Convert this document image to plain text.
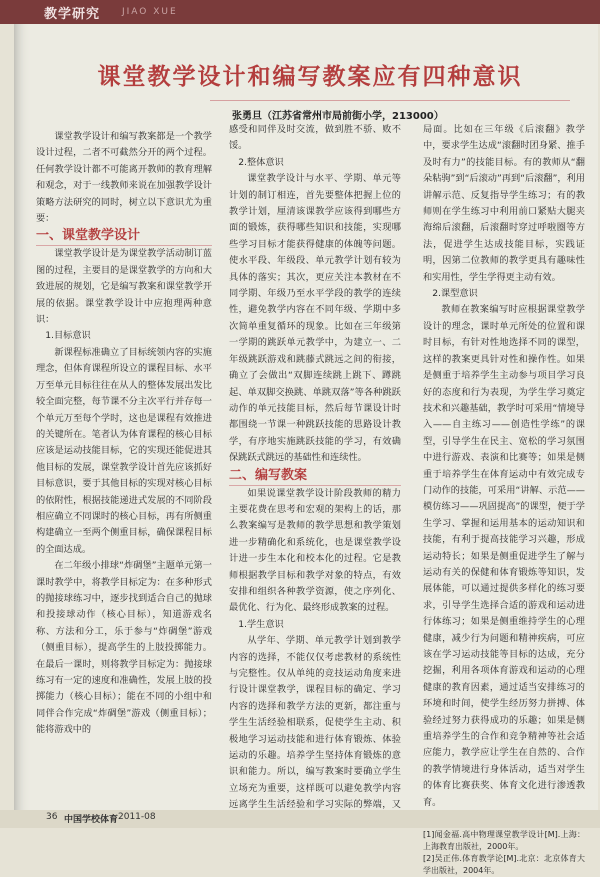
教学研究 JIAO XUE
课堂教学设计和编写教案应有四种意识
张勇旦（江苏省常州市局前街小学，213000）

课堂教学设计和编写教案都是一个教学设计过程，二者不可截然分开的两个过程。任何教学设计都不可能离开教师的教育理解和观念，对于一线教师来说在加强教学设计策略方法研究的同时，树立以下意识尤为重要：

一、课堂教学设计

课堂教学设计是为课堂教学活动制订蓝图的过程，主要目的是课堂教学的方向和大致进展的规划，它是编写教案和课堂教学开展的依据。课堂教学设计中应抱理两种意识：

1.目标意识

新课程标准确立了目标统领内容的实施理念，但体育课程所设立的课程目标、水平万至单元目标往往在从人的整体发展出发比较全面完整，每节课不分主次平行并存每一个单元万至每个学时，这也是课程有效推进的关键所在。笔者认为体育课程的核心目标应该是运动技能目标，它的实现还能促进其他目标的发展，课堂教学设计首先应该抓好目标意识，要于其他目标的实现对核心目标的依附性，根据技能递进式发展的不同阶段相应确立不同课时的核心目标，再有所侧重构建确立一至两个侧重目标，确保课程目标的全面达成。

在二年级小排球“炸碉堡”主题单元第一课时教学中，将教学目标定为：在多种形式的抛接球练习中，逐步找到适合自己的抛球和投接球动作（核心目标），知道游戏名称、方法和分工，乐于参与“炸碉堡”游戏（侧重目标），提高学生的上肢投掷能力。在最后一课时，则将教学目标定为：抛接球练习有一定的速度和准确性，发展上肢的投掷能力（核心目标）；能在不同的小组中和同伴合作完成“炸碉堡”游戏（侧重目标）；能将游戏中的

感受和同伴及时交流，做到胜不骄、败不馁。

2.整体意识

课堂教学设计与水平、学期、单元等计划的制订相连，首先要整体把握上位的教学计划，厘清该课教学应该得到哪些方面的锻炼，获得哪些知识和技能，实现哪些学习目标才能获得健康的体魄等问题。使水平段、年级段、单元教学计划有较为具体的落实；其次，更应关注本教材在不同学期、年级乃至水平学段的教学的连续性，避免教学内容在不同年级、学期中多次简单重复循环的现象。比如在三年级第一学期的跳跃单元教学中，为建立一、二年级跳跃游戏和跳藤式跳远之间的衔接，确立了会做出“双脚连续跳上跳下、蹲跳起、单双脚交换跳、单跳双落”等各种跳跃动作的单元技能目标，然后每节课设计时都围绕一节课一种跳跃技能的思路设计教学，有序地实施跳跃技能的学习，有效确保跳跃式跳远的基础性和连续性。

二、编写教案

如果说课堂教学设计阶段教师的精力主要花费在思考和宏观的架构上的话，那么教案编写是教师的教学思想和教学策划进一步精确化和系统化，也是课堂教学设计进一步生本化和校本化的过程。它是教师根据教学目标和教学对象的特点，有效安排和组织各种教学资源，使之序列化、最优化、行为化、最终形成教案的过程。

1.学生意识

从学年、学期、单元教学计划到教学内容的选择，不能仅仅考虑教材的系统性与完整性。仅从单纯的竞技运动角度来进行设计课堂教学，课程目标的确定、学习内容的选择和教学方法的更新，都注重与学生生活经验相联系，促使学生主动、积极地学习运动技能和进行体育锻炼、体验运动的乐趣。培养学生坚持体育锻炼的意识和能力。所以，编写教案时要确立学生立场充为重要，这样既可以避免教学内容远离学生生活经验和学习实际的弊端，又

局面。比如在三年级《后滚翻》教学中，要求学生达成“滚翻时团身紧、推手及时有力”的技能目标。有的教师从“翻朵粘驹”到“后滚动”再到“后滚翻”，利用讲解示范、反复指导学生练习；有的教师则在学生练习中利用前口紧贴大腿夹海绵后滚翻，后滚翻时穿过呼啦圈等方法，促进学生达成技能目标，实践证明，因第二位教师的教学更具有趣味性和实用性，学生学得更主动有效。

2.课型意识

教师在教案编写时应根据课堂教学设计的理念，课时单元所处的位置和课时目标，有针对性地选择不同的课型，这样的教案更具针对性和操作性。如果是侧重于培养学生主动参与项目学习良好的态度和行为表现，为学生学习奠定技术和兴趣基础，教学时可采用“情境导入——自主练习——创造性学练”的课型，引导学生在民主、宽松的学习氛围中进行游戏、表演和比赛等；如果是侧重于培养学生在体育运动中有效完成专门动作的技能，可采用“讲解、示范——模仿练习——巩固提高”的课型，便于学生学习、掌握和运用基本的运动知识和技能，有利于提高技能学习兴趣，形成运动特长；如果是侧重促进学生了解与运动有关的保健和体育锻炼等知识，发展体能，可以通过提供多样化的练习要求，引导学生选择合适的游戏和运动进行体练习；如果是侧重维持学生的心理健康，减少行为问题和精神疾病，可应该在学习运动技能等目标的达成，充分挖掘，利用各项体育游戏和运动的心理健康的教育因素，通过适当安排练习的环境和时间，使学生经历努力拼搏、体验经过努力获得成功的乐趣；如果是侧重培养学生的合作和竞争精神等社会适应能力，教学应让学生在自然的、合作的教学情境进行身体活动，适当对学生的体育比赛获奖、体育文化进行渗透教育。

[1]闻金福.高中物理课堂教学设计[M].上海：上海教育出版社，2000年。
[2]吴正伟.体育教学论[M].北京：北京体育大学出版社，2004年。
36 中国学校体育 2011-08
